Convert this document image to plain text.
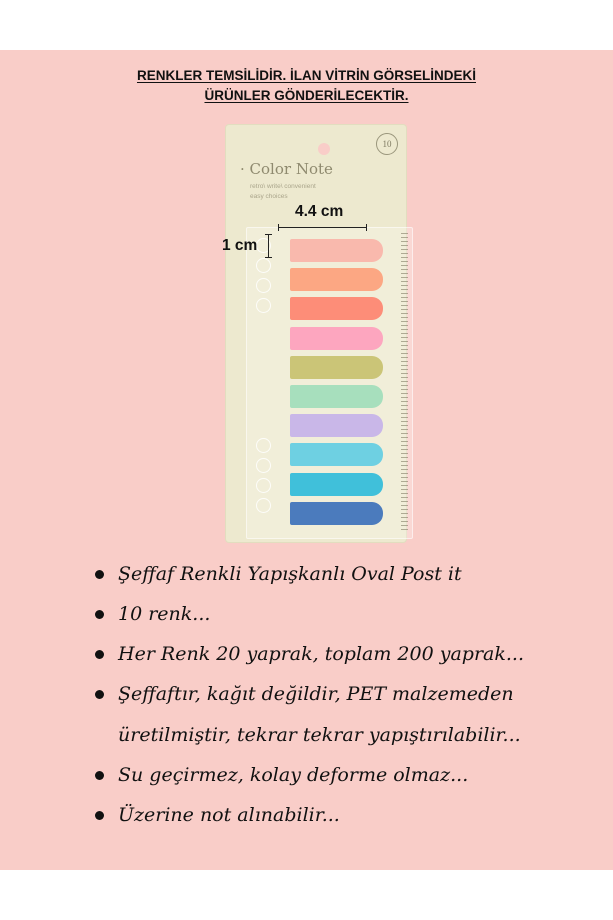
RENKLER TEMSİLİDİR. İLAN VİTRİN GÖRSELİNDEKİ
ÜRÜNLER GÖNDERİLECEKTİR.
10
· Color Note
retro\ write\ convenient
easy choices
4.4 cm
1 cm
Şeffaf Renkli Yapışkanlı Oval Post it
10 renk...
Her Renk 20 yaprak, toplam 200 yaprak...
Şeffaftır, kağıt değildir, PET malzemeden
üretilmiştir, tekrar tekrar yapıştırılabilir...
Su geçirmez, kolay deforme olmaz...
Üzerine not alınabilir...
